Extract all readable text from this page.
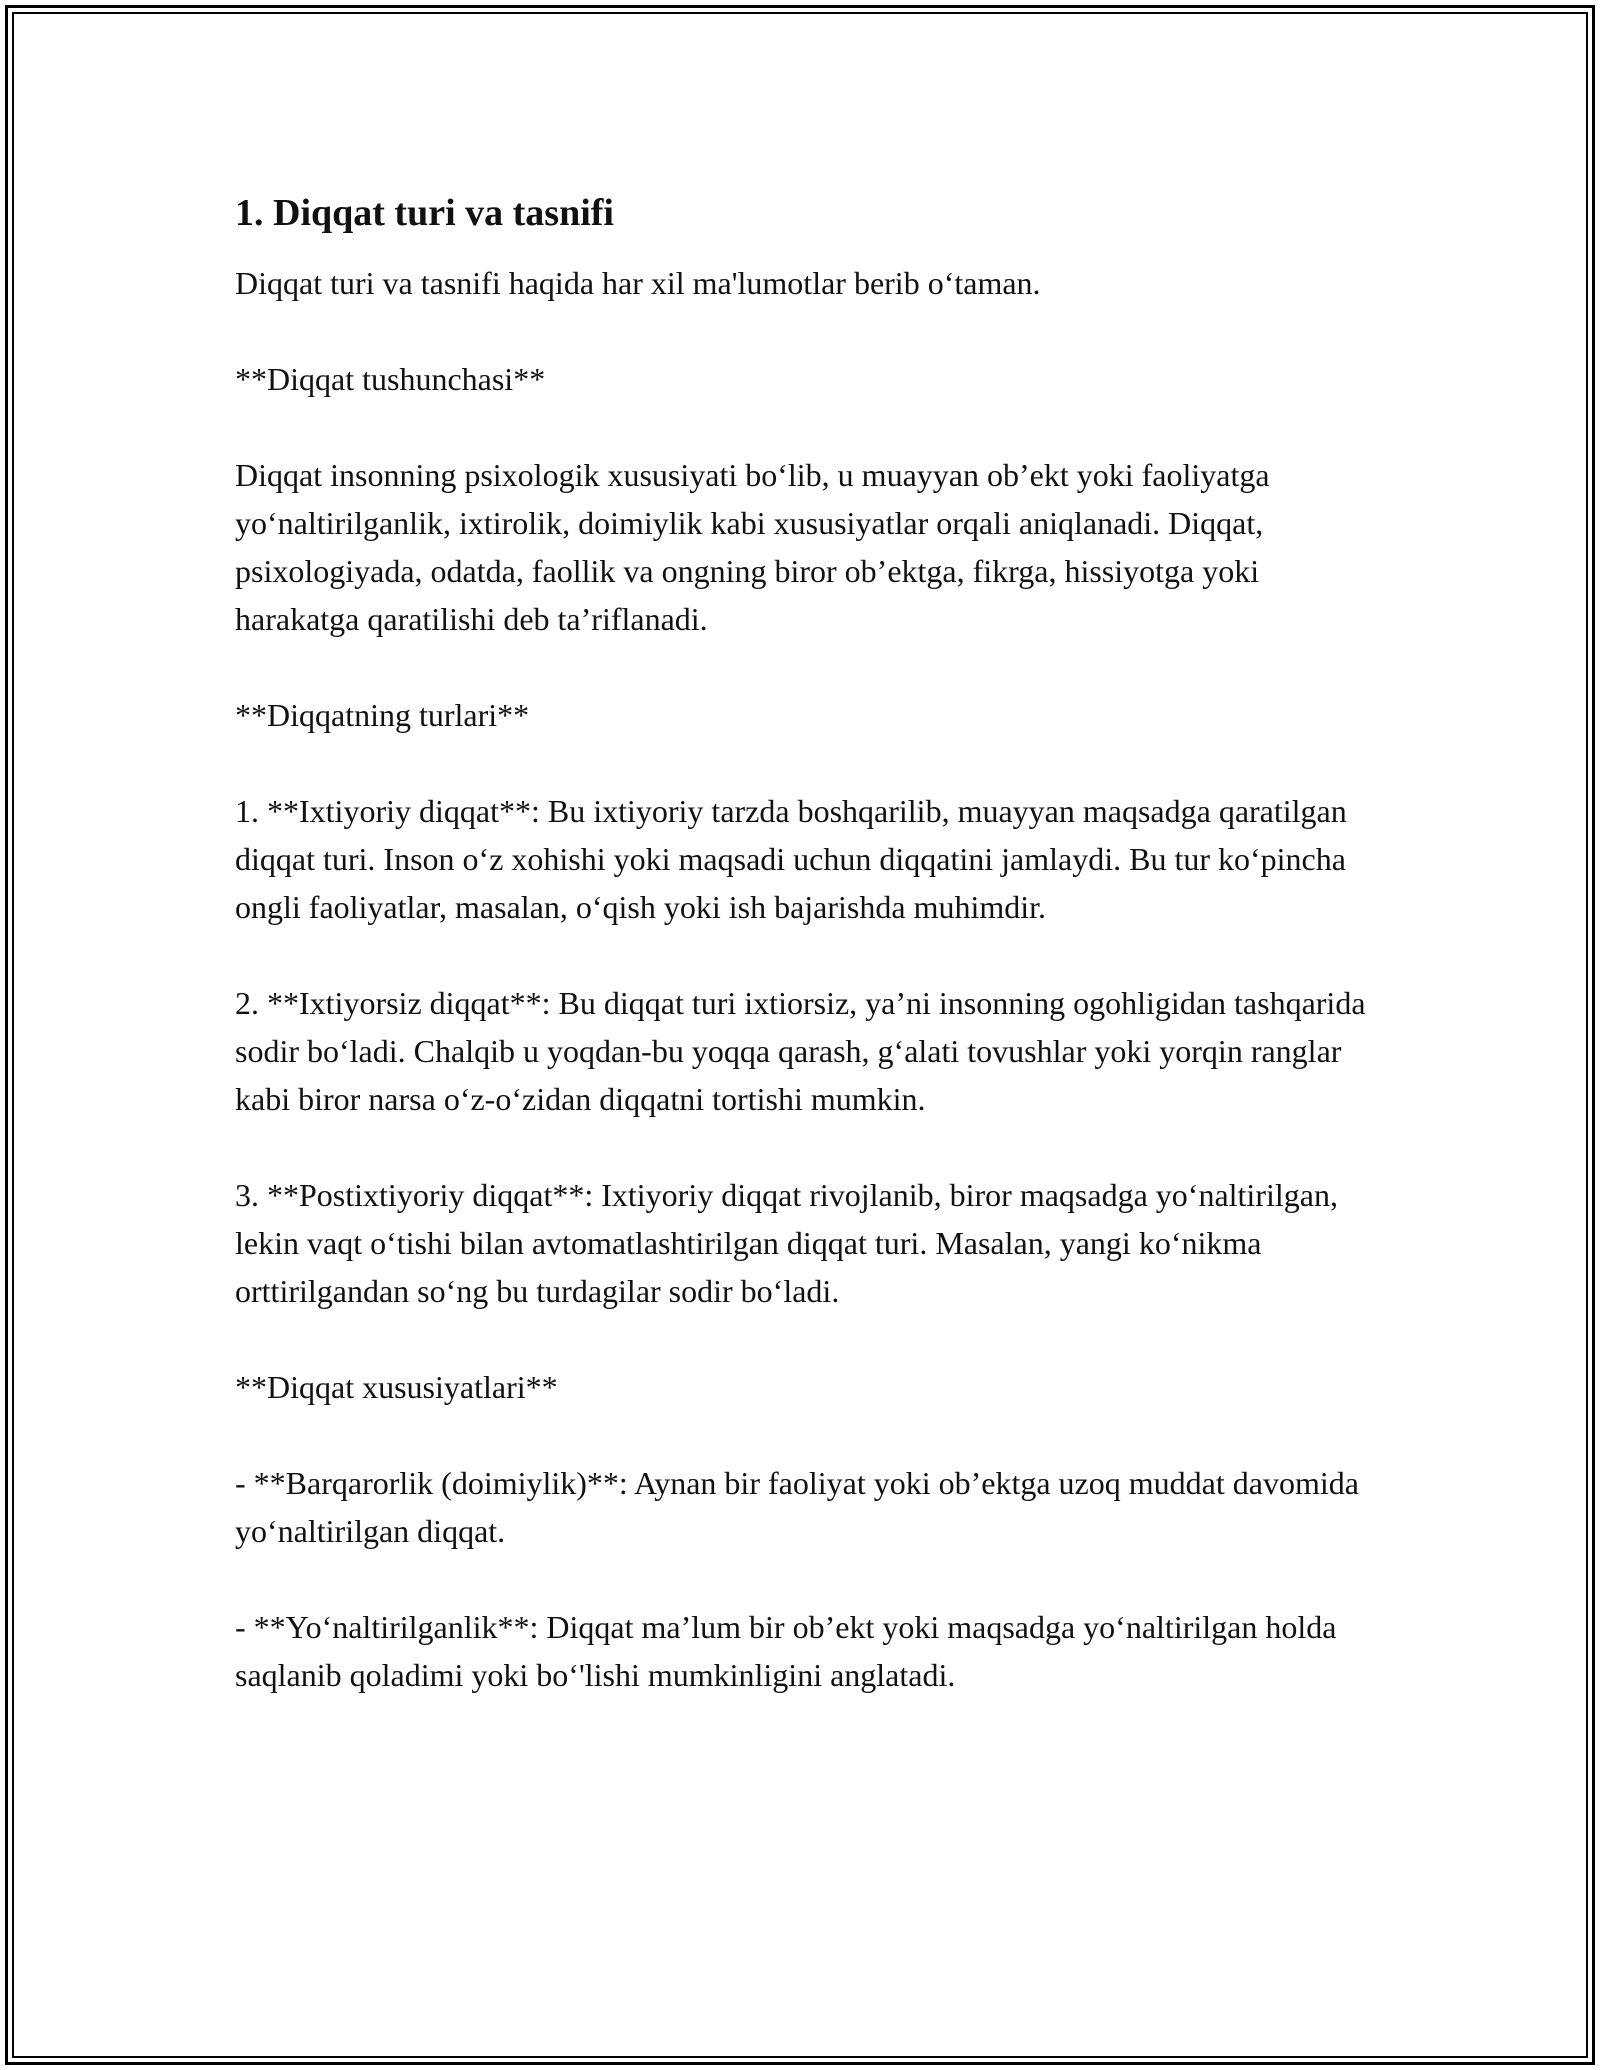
1. Diqqat turi va tasnifi

Diqqat turi va tasnifi haqida har xil ma'lumotlar berib o‘taman.

**Diqqat tushunchasi**

Diqqat insonning psixologik xususiyati bo‘lib, u muayyan ob’ekt yoki faoliyatga yo‘naltirilganlik, ixtirolik, doimiylik kabi xususiyatlar orqali aniqlanadi. Diqqat, psixologiyada, odatda, faollik va ongning biror ob’ektga, fikrga, hissiyotga yoki harakatga qaratilishi deb ta’riflanadi.

**Diqqatning turlari**

1. **Ixtiyoriy diqqat**: Bu ixtiyoriy tarzda boshqarilib, muayyan maqsadga qaratilgan diqqat turi. Inson o‘z xohishi yoki maqsadi uchun diqqatini jamlaydi. Bu tur ko‘pincha ongli faoliyatlar, masalan, o‘qish yoki ish bajarishda muhimdir.

2. **Ixtiyorsiz diqqat**: Bu diqqat turi ixtiorsiz, ya’ni insonning ogohligidan tashqarida sodir bo‘ladi. Chalqib u yoqdan-bu yoqqa qarash, g‘alati tovushlar yoki yorqin ranglar kabi biror narsa o‘z-o‘zidan diqqatni tortishi mumkin.

3. **Postixtiyoriy diqqat**: Ixtiyoriy diqqat rivojlanib, biror maqsadga yo‘naltirilgan, lekin vaqt o‘tishi bilan avtomatlashtirilgan diqqat turi. Masalan, yangi ko‘nikma orttirilgandan so‘ng bu turdagilar sodir bo‘ladi.

**Diqqat xususiyatlari**

- **Barqarorlik (doimiylik)**: Aynan bir faoliyat yoki ob’ektga uzoq muddat davomida yo‘naltirilgan diqqat.

- **Yo‘naltirilganlik**: Diqqat ma’lum bir ob’ekt yoki maqsadga yo‘naltirilgan holda saqlanib qoladimi yoki bo‘'lishi mumkinligini anglatadi.
